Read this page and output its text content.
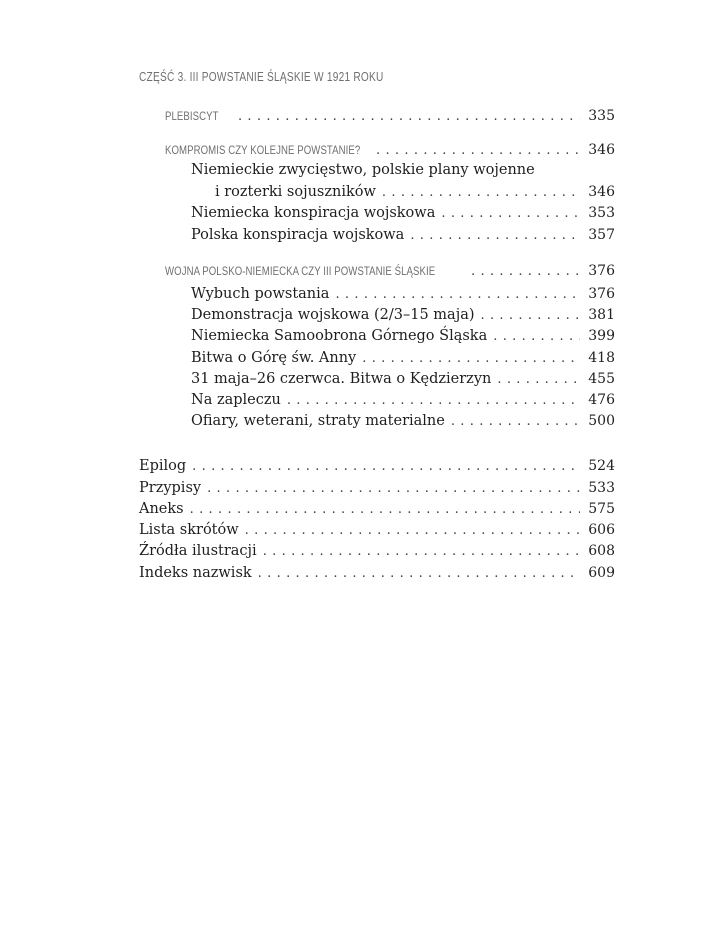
CZĘŚĆ 3. III POWSTANIE ŚLĄSKIE W 1921 ROKU
PLEBISCYT . . .	335
KOMPROMIS CZY KOLEJNE POWSTANIE? . . .	346
Niemieckie zwycięstwo, polskie plany wojenne
i rozterki sojuszników . . .	346
Niemiecka konspiracja wojskowa . . .	353
Polska konspiracja wojskowa . . .	357
WOJNA POLSKO-NIEMIECKA CZY III POWSTANIE ŚLĄSKIE . . .	376
Wybuch powstania . . .	376
Demonstracja wojskowa (2/3–15 maja) . . .	381
Niemiecka Samoobrona Górnego Śląska . . .	399
Bitwa o Górę św. Anny . . .	418
31 maja–26 czerwca. Bitwa o Kędzierzyn . . .	455
Na zapleczu . . .	476
Ofiary, weterani, straty materialne . . .	500
Epilog . . .	524
Przypisy . . .	533
Aneks . . .	575
Lista skrótów . . .	606
Źródła ilustracji . . .	608
Indeks nazwisk . . .	609
